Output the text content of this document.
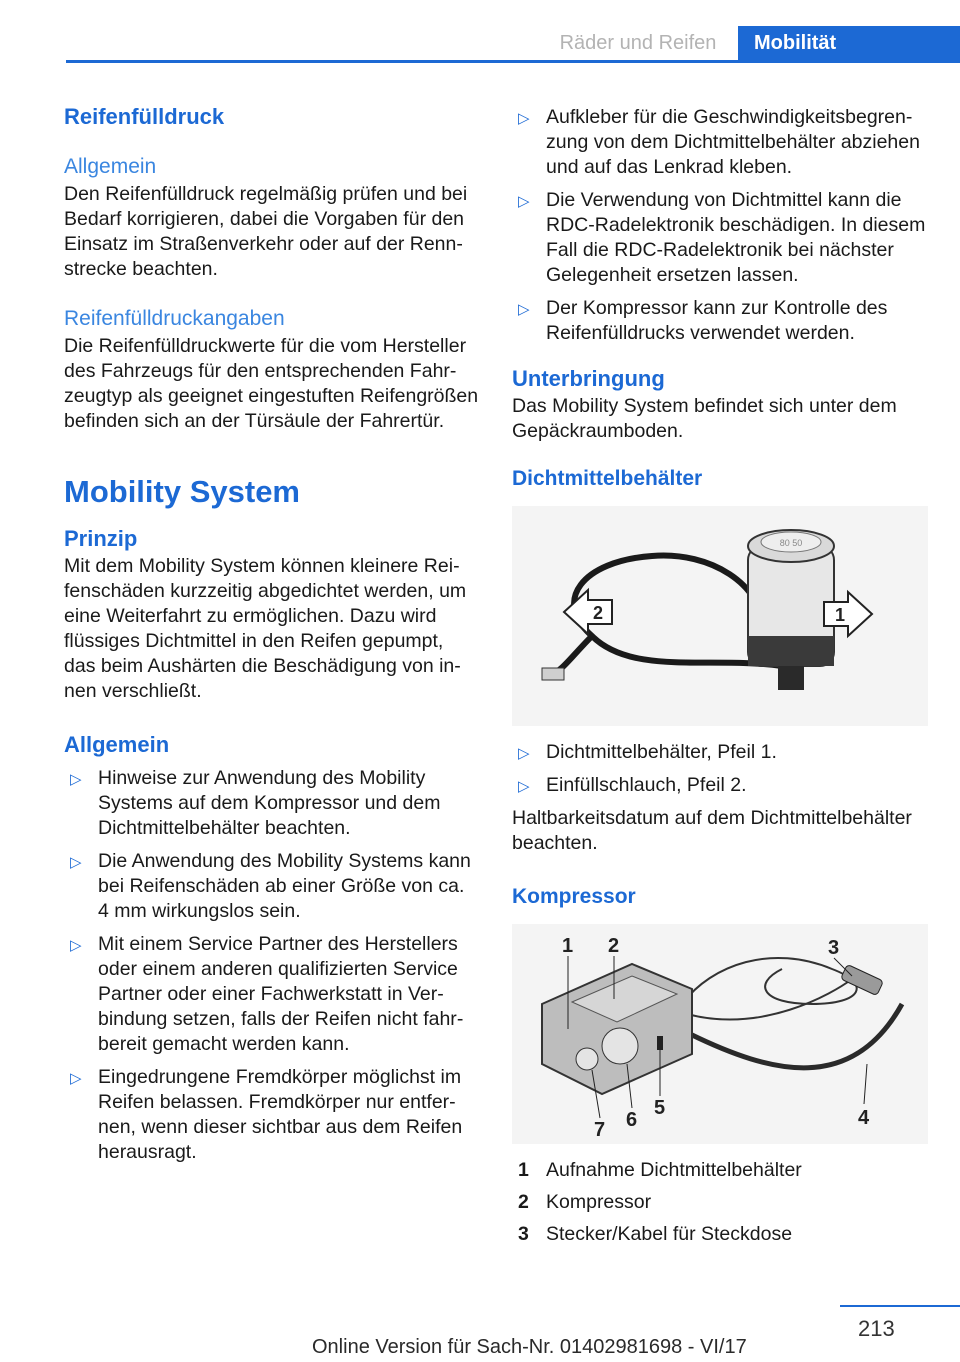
Räder und Reifen	Mobilität
Reifenfülldruck
Allgemein

Den Reifenfülldruck regelmäßig prüfen und bei Bedarf korrigieren, dabei die Vorgaben für den Einsatz im Straßenverkehr oder auf der Rennstrecke beachten.

Reifenfülldruckangaben

Die Reifenfülldruckwerte für die vom Hersteller des Fahrzeugs für den entsprechenden Fahrzeugtyp als geeignet eingestuften Reifengrößen befinden sich an der Türsäule der Fahrertür.

Mobility System
Prinzip

Mit dem Mobility System können kleinere Reifenschäden kurzzeitig abgedichtet werden, um eine Weiterfahrt zu ermöglichen. Dazu wird flüssiges Dichtmittel in den Reifen gepumpt, das beim Aushärten die Beschädigung von innen verschließt.

Allgemein
▷ Hinweise zur Anwendung des Mobility Systems auf dem Kompressor und dem Dichtmittelbehälter beachten.
▷ Die Anwendung des Mobility Systems kann bei Reifenschäden ab einer Größe von ca. 4 mm wirkungslos sein.
▷ Mit einem Service Partner des Herstellers oder einem anderen qualifizierten Service Partner oder einer Fachwerkstatt in Verbindung setzen, falls der Reifen nicht fahrbereit gemacht werden kann.
▷ Eingedrungene Fremdkörper möglichst im Reifen belassen. Fremdkörper nur entfernen, wenn dieser sichtbar aus dem Reifen herausragt.
▷ Aufkleber für die Geschwindigkeitsbegrenzung von dem Dichtmittelbehälter abziehen und auf das Lenkrad kleben.
▷ Die Verwendung von Dichtmittel kann die RDC-Radelektronik beschädigen. In diesem Fall die RDC-Radelektronik bei nächster Gelegenheit ersetzen lassen.
▷ Der Kompressor kann zur Kontrolle des Reifenfülldrucks verwendet werden.
Unterbringung

Das Mobility System befindet sich unter dem Gepäckraumboden.

Dichtmittelbehälter
80 50
2	1
▷ Dichtmittelbehälter, Pfeil 1.
▷ Einfüllschlauch, Pfeil 2.

Haltbarkeitsdatum auf dem Dichtmittelbehälter beachten.

Kompressor
1 2	3
4
5
6
7
1 Aufnahme Dichtmittelbehälter
2 Kompressor
3 Stecker/Kabel für Steckdose
213
Online Version für Sach-Nr. 01402981698 - VI/17
